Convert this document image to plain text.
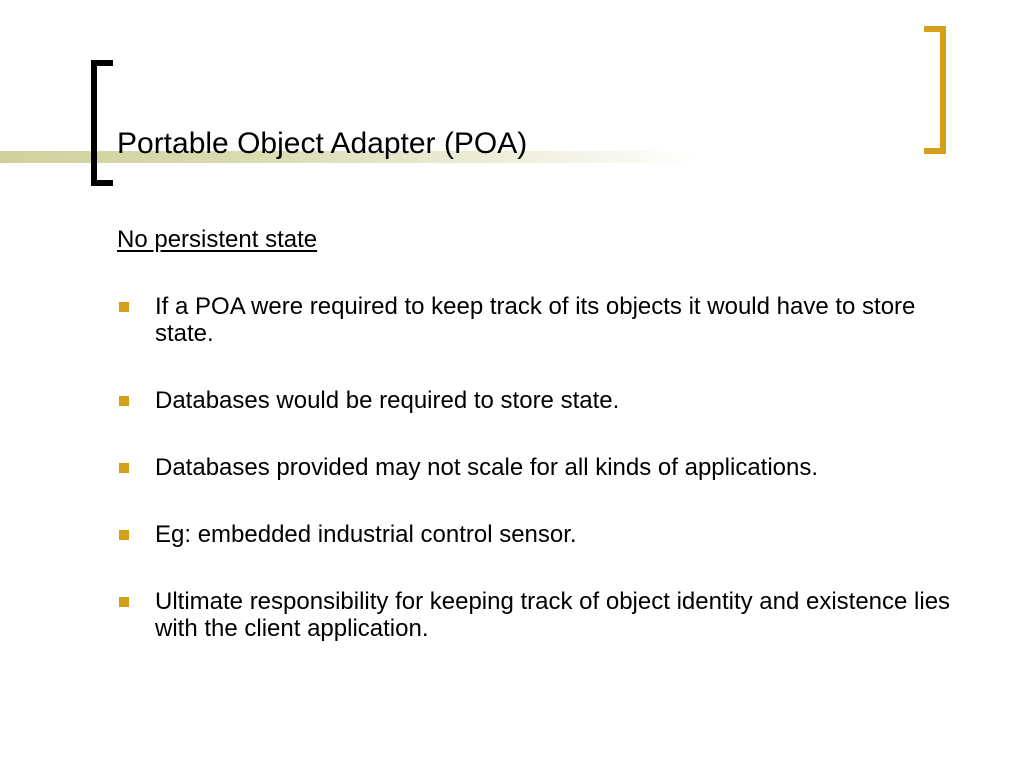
Portable Object Adapter (POA)
No persistent state
If a POA were required to keep track of its objects it would have to store state.
Databases would be required to store state.
Databases provided may not scale for all kinds of applications.
Eg: embedded industrial control sensor.
Ultimate responsibility for keeping track of object identity and existence lies with the client application.
